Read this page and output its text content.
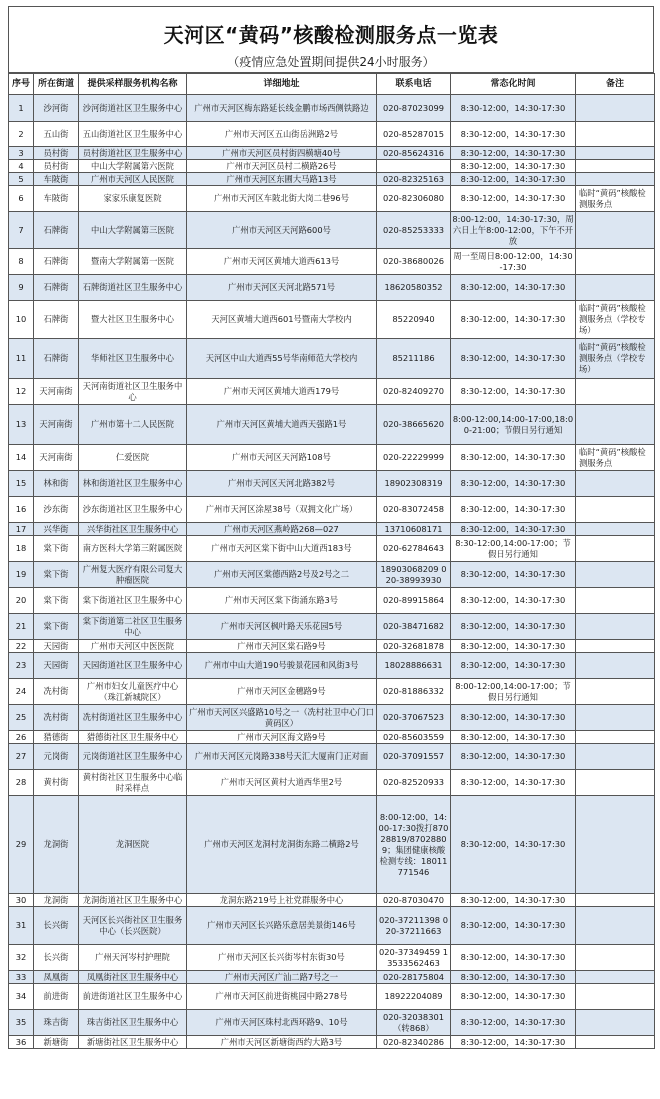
天河区“黄码”核酸检测服务点一览表
（疫情应急处置期间提供24小时服务）
序号	所在街道	提供采样服务机构名称	详细地址	联系电话	常态化时间	备注
1	沙河街	沙河街道社区卫生服务中心	广州市天河区梅东路延长线金鹏市场西侧铁路边	020-87023099	8:30-12:00，14:30-17:30	
2	五山街	五山街道社区卫生服务中心	广州市天河区五山街岳洲路2号	020-85287015	8:30-12:00，14:30-17:30	
3	员村街	员村街道社区卫生服务中心	广州市天河区员村街四横塘40号	020-85624316	8:30-12:00，14:30-17:30	
4	员村街	中山大学附属第六医院	广州市天河区员村二横路26号		8:30-12:00，14:30-17:30	
5	车陂街	广州市天河区人民医院	广州市天河区东圃大马路13号	020-82325163	8:30-12:00，14:30-17:30	
6	车陂街	家家乐康复医院	广州市天河区车陂北街大岗二巷96号	020-82306080	8:30-12:00，14:30-17:30	临时“黄码”核酸检测服务点
7	石牌街	中山大学附属第三医院	广州市天河区天河路600号	020-85253333	8:00-12:00，14:30-17:30，周六日上午8:00-12:00，下午不开放	
8	石牌街	暨南大学附属第一医院	广州市天河区黄埔大道西613号	020-38680026	周一至周日8:00-12:00，14:30-17:30	
9	石牌街	石牌街道社区卫生服务中心	广州市天河区天河北路571号	18620580352	8:30-12:00，14:30-17:30	
10	石牌街	暨大社区卫生服务中心	天河区黄埔大道西601号暨南大学校内	85220940	8:30-12:00，14:30-17:30	临时“黄码”核酸检测服务点（学校专场）
11	石牌街	华师社区卫生服务中心	天河区中山大道西55号华南师范大学校内	85211186	8:30-12:00，14:30-17:30	临时“黄码”核酸检测服务点（学校专场）
12	天河南街	天河南街道社区卫生服务中心	广州市天河区黄埔大道西179号	020-82409270	8:30-12:00，14:30-17:30	
13	天河南街	广州市第十二人民医院	广州市天河区黄埔大道西天强路1号	020-38665620	8:00-12:00,14:00-17:00,18:00-21:00；节假日另行通知	
14	天河南街	仁爱医院	广州市天河区天河路108号	020-22229999	8:30-12:00，14:30-17:30	临时“黄码”核酸检测服务点
15	林和街	林和街道社区卫生服务中心	广州市天河区天河北路382号	18902308319	8:30-12:00，14:30-17:30	
16	沙东街	沙东街道社区卫生服务中心	广州市天河区涂屋38号（双拥文化广场）	020-83072458	8:30-12:00，14:30-17:30	
17	兴华街	兴华街社区卫生服务中心	广州市天河区燕岭路268—027	13710608171	8:30-12:00，14:30-17:30	
18	棠下街	南方医科大学第三附属医院	广州市天河区棠下街中山大道西183号	020-62784643	8:30-12:00,14:00-17:00；节假日另行通知	
19	棠下街	广州复大医疗有限公司复大肿瘤医院	广州市天河区棠德西路2号及2号之二	18903068209 020-38993930	8:30-12:00，14:30-17:30	
20	棠下街	棠下街道社区卫生服务中心	广州市天河区棠下街涌东路3号	020-89915864	8:30-12:00，14:30-17:30	
21	棠下街	棠下街道第二社区卫生服务中心	广州市天河区枫叶路天乐花园5号	020-38471682	8:30-12:00，14:30-17:30	
22	天园街	广州市天河区中医医院	广州市天河区棠石路9号	020-32681878	8:30-12:00，14:30-17:30	
23	天园街	天园街道社区卫生服务中心	广州市中山大道190号骏景花园和风街3号	18028886631	8:30-12:00，14:30-17:30	
24	冼村街	广州市妇女儿童医疗中心（珠江新城院区）	广州市天河区金穗路9号	020-81886332	8:00-12:00,14:00-17:00；节假日另行通知	
25	冼村街	冼村街道社区卫生服务中心	广州市天河区兴盛路10号之一（冼村社卫中心门口黄码区）	020-37067523	8:30-12:00，14:30-17:30	
26	猎德街	猎德街社区卫生服务中心	广州市天河区海文路9号	020-85603559	8:30-12:00，14:30-17:30	
27	元岗街	元岗街道社区卫生服务中心	广州市天河区元岗路338号天汇大厦南门正对面	020-37091557	8:30-12:00，14:30-17:30	
28	黄村街	黄村街社区卫生服务中心临时采样点	广州市天河区黄村大道西华里2号	020-82520933	8:30-12:00，14:30-17:30	
29	龙洞街	龙洞医院	广州市天河区龙洞村龙洞街东路二横路2号	8:00-12:00，14:00-17:30拨打87028819/87028809；集团健康核酸检测专线：18011771546	8:30-12:00，14:30-17:30	
30	龙洞街	龙洞街道社区卫生服务中心	龙洞东路219号上社党群服务中心	020-87030470	8:30-12:00，14:30-17:30	
31	长兴街	天河区长兴街社区卫生服务中心（长兴医院）	广州市天河区长兴路乐意居美景街146号	020-37211398 020-37211663	8:30-12:00，14:30-17:30	
32	长兴街	广州天河岑村护理院	广州市天河区长兴街岑村东街30号	020-37349459 13533562463	8:30-12:00，14:30-17:30	
33	凤凰街	凤凰街社区卫生服务中心	广州市天河区广汕二路7号之一	020-28175804	8:30-12:00，14:30-17:30	
34	前进街	前进街道社区卫生服务中心	广州市天河区前进街桃园中路278号	18922204089	8:30-12:00，14:30-17:30	
35	珠吉街	珠吉街社区卫生服务中心	广州市天河区珠村北西环路9、10号	020-32038301（转868）	8:30-12:00，14:30-17:30	
36	新塘街	新塘街社区卫生服务中心	广州市天河区新塘街西约大路3号	020-82340286	8:30-12:00，14:30-17:30	
